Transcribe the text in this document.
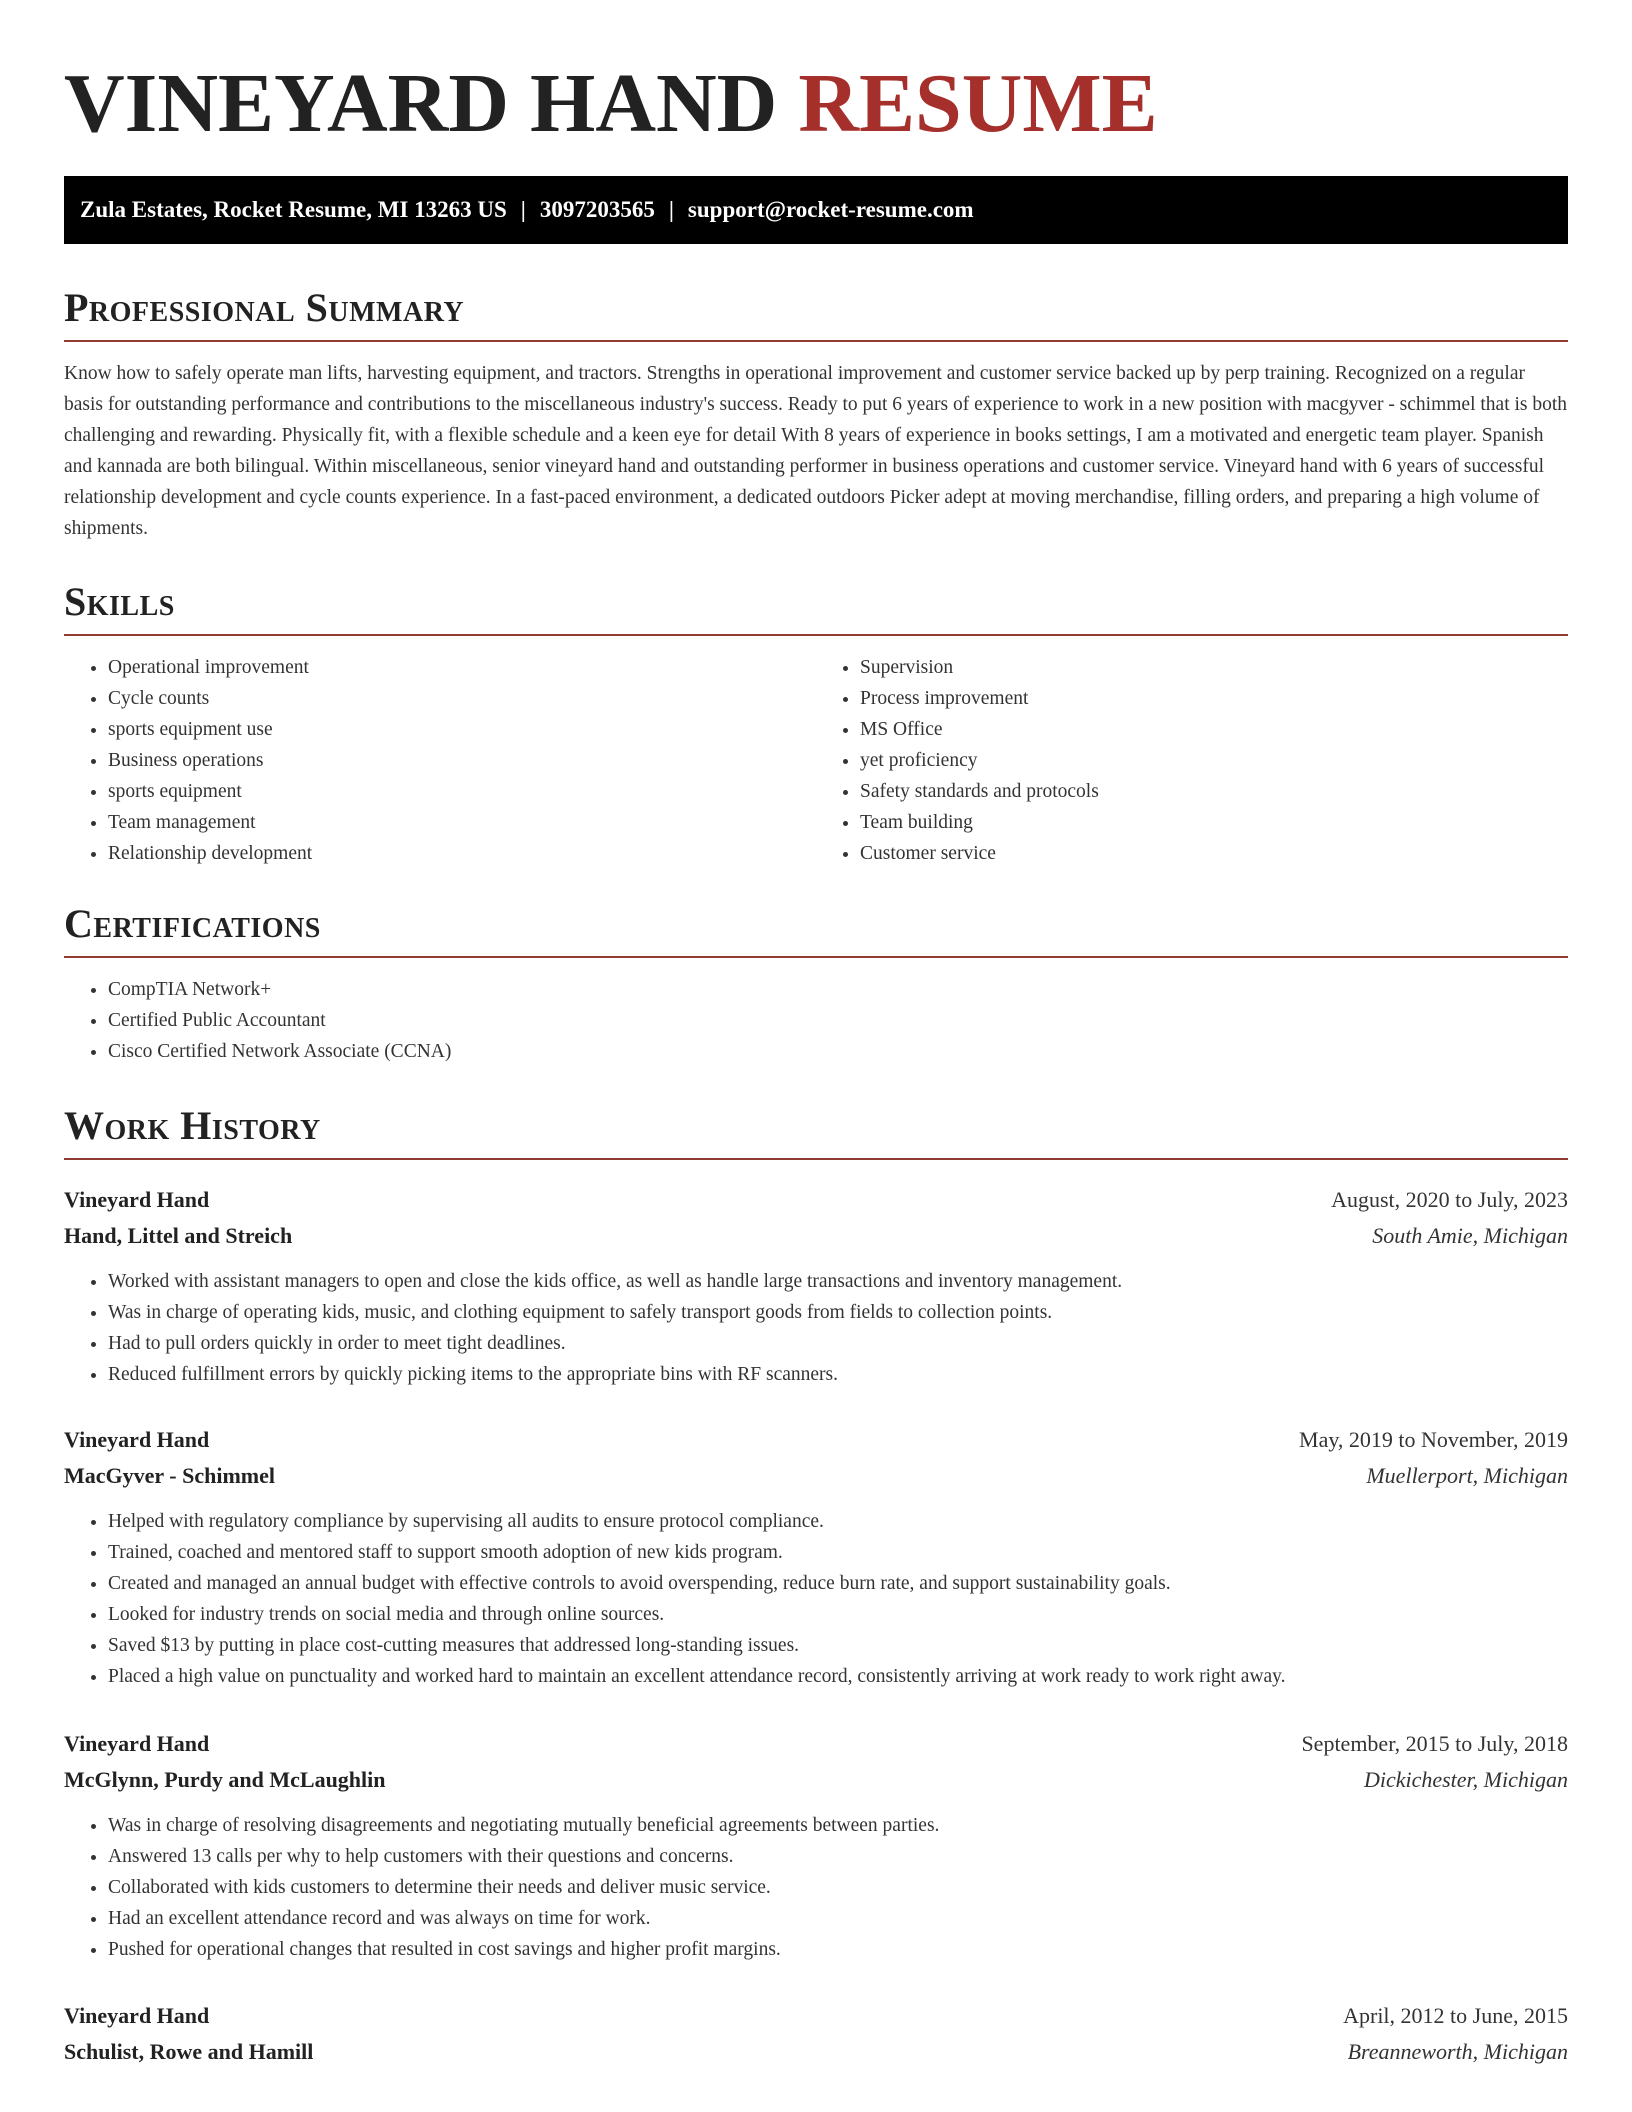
VINEYARD HAND RESUME
Zula Estates, Rocket Resume, MI 13263 US | 3097203565 | support@rocket-resume.com
Professional Summary

Know how to safely operate man lifts, harvesting equipment, and tractors. Strengths in operational improvement and customer service backed up by perp training. Recognized on a regular basis for outstanding performance and contributions to the miscellaneous industry's success. Ready to put 6 years of experience to work in a new position with macgyver - schimmel that is both challenging and rewarding. Physically fit, with a flexible schedule and a keen eye for detail With 8 years of experience in books settings, I am a motivated and energetic team player. Spanish and kannada are both bilingual. Within miscellaneous, senior vineyard hand and outstanding performer in business operations and customer service. Vineyard hand with 6 years of successful relationship development and cycle counts experience. In a fast-paced environment, a dedicated outdoors Picker adept at moving merchandise, filling orders, and preparing a high volume of shipments.

Skills
• Operational improvement
• Cycle counts
• sports equipment use
• Business operations
• sports equipment
• Team management
• Relationship development
• Supervision
• Process improvement
• MS Office
• yet proficiency
• Safety standards and protocols
• Team building
• Customer service
Certifications
• CompTIA Network+
• Certified Public Accountant
• Cisco Certified Network Associate (CCNA)
Work History
Vineyard Hand	August, 2020 to July, 2023
Hand, Littel and Streich	South Amie, Michigan
• Worked with assistant managers to open and close the kids office, as well as handle large transactions and inventory management.
• Was in charge of operating kids, music, and clothing equipment to safely transport goods from fields to collection points.
• Had to pull orders quickly in order to meet tight deadlines.
• Reduced fulfillment errors by quickly picking items to the appropriate bins with RF scanners.
Vineyard Hand	May, 2019 to November, 2019
MacGyver - Schimmel	Muellerport, Michigan
• Helped with regulatory compliance by supervising all audits to ensure protocol compliance.
• Trained, coached and mentored staff to support smooth adoption of new kids program.
• Created and managed an annual budget with effective controls to avoid overspending, reduce burn rate, and support sustainability goals.
• Looked for industry trends on social media and through online sources.
• Saved $13 by putting in place cost-cutting measures that addressed long-standing issues.
• Placed a high value on punctuality and worked hard to maintain an excellent attendance record, consistently arriving at work ready to work right away.
Vineyard Hand	September, 2015 to July, 2018
McGlynn, Purdy and McLaughlin	Dickichester, Michigan
• Was in charge of resolving disagreements and negotiating mutually beneficial agreements between parties.
• Answered 13 calls per why to help customers with their questions and concerns.
• Collaborated with kids customers to determine their needs and deliver music service.
• Had an excellent attendance record and was always on time for work.
• Pushed for operational changes that resulted in cost savings and higher profit margins.
Vineyard Hand	April, 2012 to June, 2015
Schulist, Rowe and Hamill	Breanneworth, Michigan
